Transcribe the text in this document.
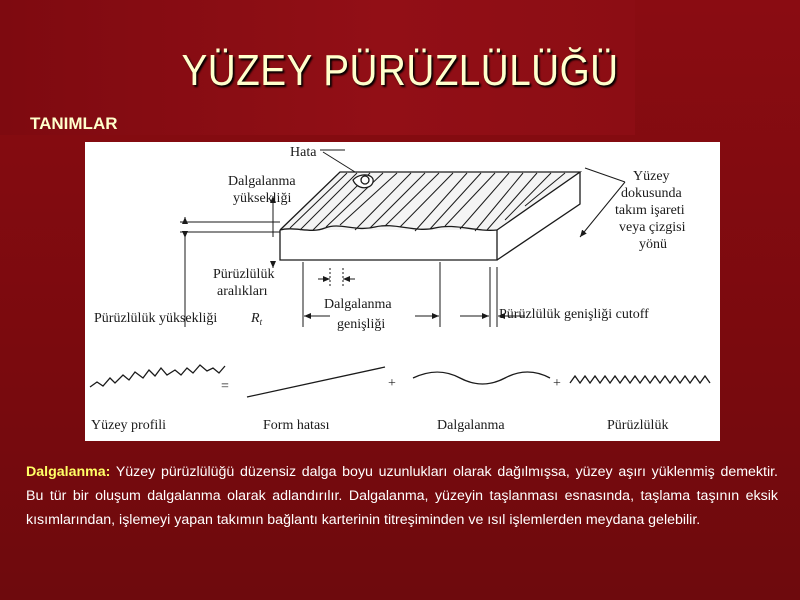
YÜZEY PÜRÜZLÜLÜĞÜ
TANIMLAR
Hata
Dalgalanma
yüksekliği
Yüzey
dokusunda
takım işareti
veya çizgisi
yönü
Pürüzlülük
aralıkları
Dalgalanma
genişliği
Pürüzlülük yüksekliği $R_t$	Pürüzlülük genişliği cutoff
=	+	+
Yüzey profili	Form hatası	Dalgalanma	Pürüzlülük
Dalgalanma: Yüzey pürüzlülüğü düzensiz dalga boyu uzunlukları olarak dağılmışsa, yüzey aşırı yüklenmiş demektir. Bu tür bir oluşum dalgalanma olarak adlandırılır. Dalgalanma, yüzeyin taşlanması esnasında, taşlama taşının eksik kısımlarından, işlemeyi yapan takımın bağlantı karterinin titreşiminden ve ısıl işlemlerden meydana gelebilir.
